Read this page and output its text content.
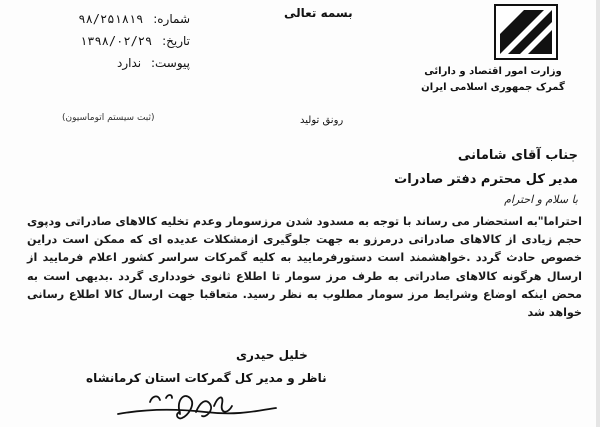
شماره: ۹۸/۲۵۱۸۱۹
تاریخ: ۱۳۹۸/۰۲/۲۹
پیوست: ندارد
(ثبت سیستم اتوماسیون)
بسمه تعالی
وزارت امور اقتصاد و دارائی
گمرک جمهوری اسلامی ایران
رونق تولید
جناب آقای شامانی
مدیر کل محترم دفتر صادرات
با سلام و احترام
احتراما"به استحضار می رساند با توجه به مسدود شدن مرزسومار وعدم تخلیه کالاهای صادراتی ودپوی حجم زیادی از کالاهای صادراتی درمرزو به جهت جلوگیری ازمشکلات عدیده ای که ممکن است دراین خصوص حادث گردد .خواهشمند است دستورفرمایید به کلیه گمرکات سراسر کشور اعلام فرمایید از ارسال هرگونه کالاهای صادراتی به طرف مرز سومار تا اطلاع ثانوی خودداری گردد .بدیهی است به محض اینکه اوضاع وشرایط مرز سومار مطلوب به نظر رسید. متعاقبا جهت ارسال کالا اطلاع رسانی خواهد شد
خلیل حیدری
ناظر و مدیر کل گمرکات استان کرمانشاه
